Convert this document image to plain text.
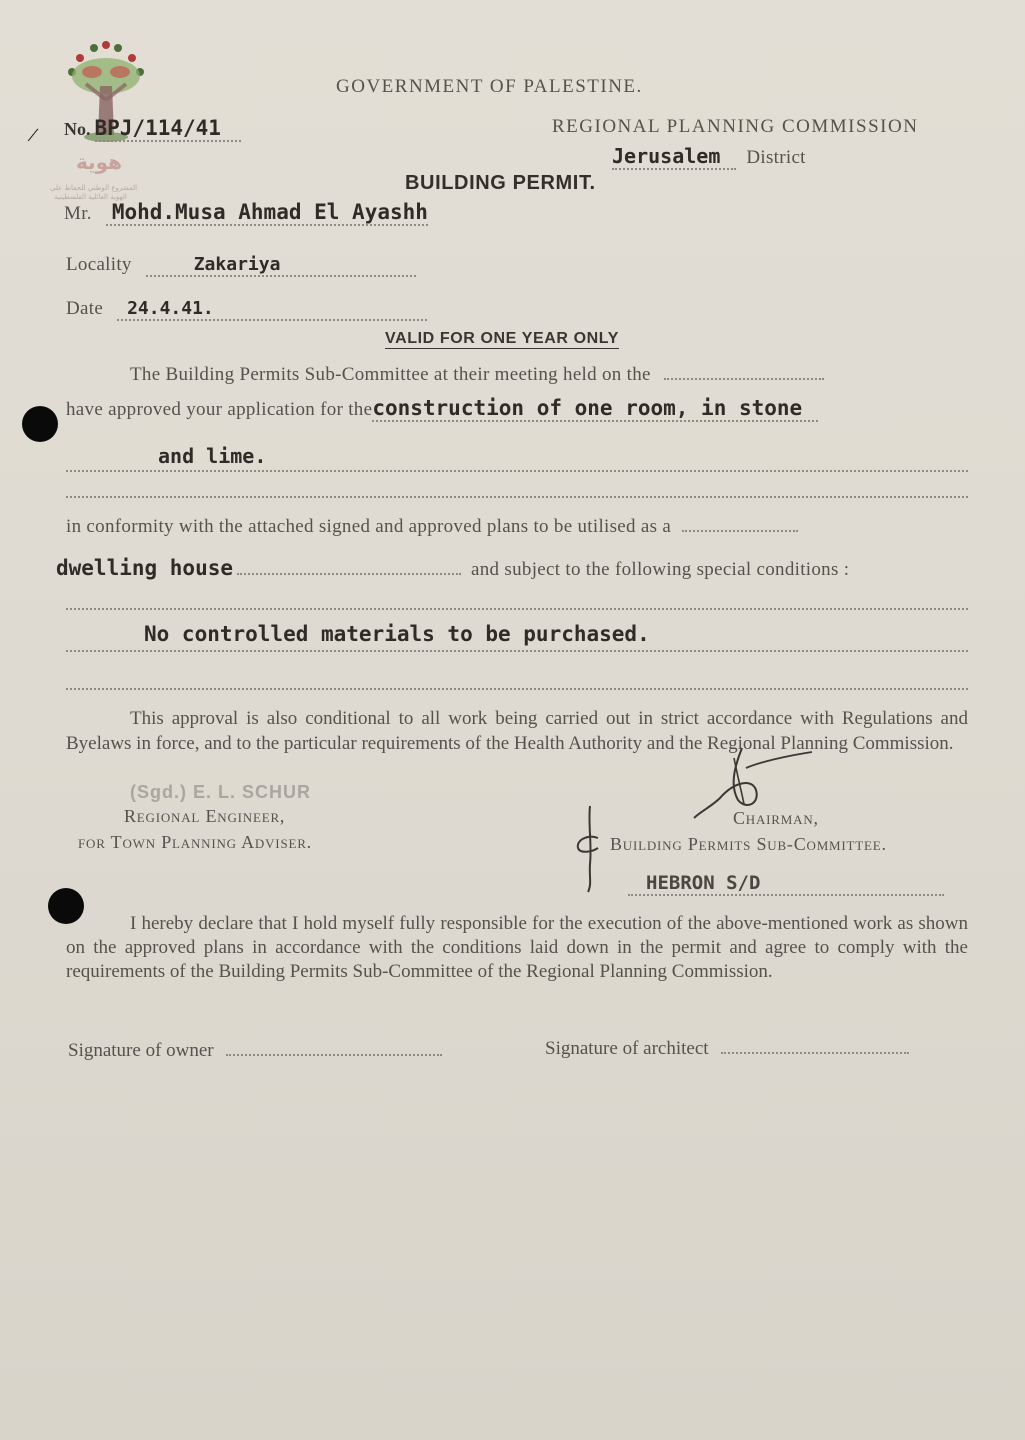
هوية
المشروع الوطني للحفاظ على
الهوية العائلية الفلسطينية
/
GOVERNMENT OF PALESTINE.
REGIONAL PLANNING COMMISSION
No. BPJ/114/41
Jerusalem District
BUILDING PERMIT.
Mr. Mohd.Musa Ahmad El Ayashh
Locality	Zakariya
Date 24.4.41.
VALID FOR ONE YEAR ONLY
The Building Permits Sub-Committee at their meeting held on the
have approved your application for theconstruction of one room, in stone
and lime.
in conformity with the attached signed and approved plans to be utilised as a
dwelling house	and subject to the following special conditions :
No controlled materials to be purchased.
This approval is also conditional to all work being carried out in strict accordance with Regulations and Byelaws in force, and to the particular requirements of the Health Authority and the Regional Planning Commission.
(Sgd.) E. L. SCHUR
Regional Engineer,
for Town Planning Adviser.
Chairman,
Building Permits Sub-Committee.
HEBRON S/D
I hereby declare that I hold myself fully responsible for the execution of the above-mentioned work as shown on the approved plans in accordance with the conditions laid down in the permit and agree to comply with the requirements of the Building Permits Sub-Committee of the Regional Planning Commission.
Signature of owner	Signature of architect
